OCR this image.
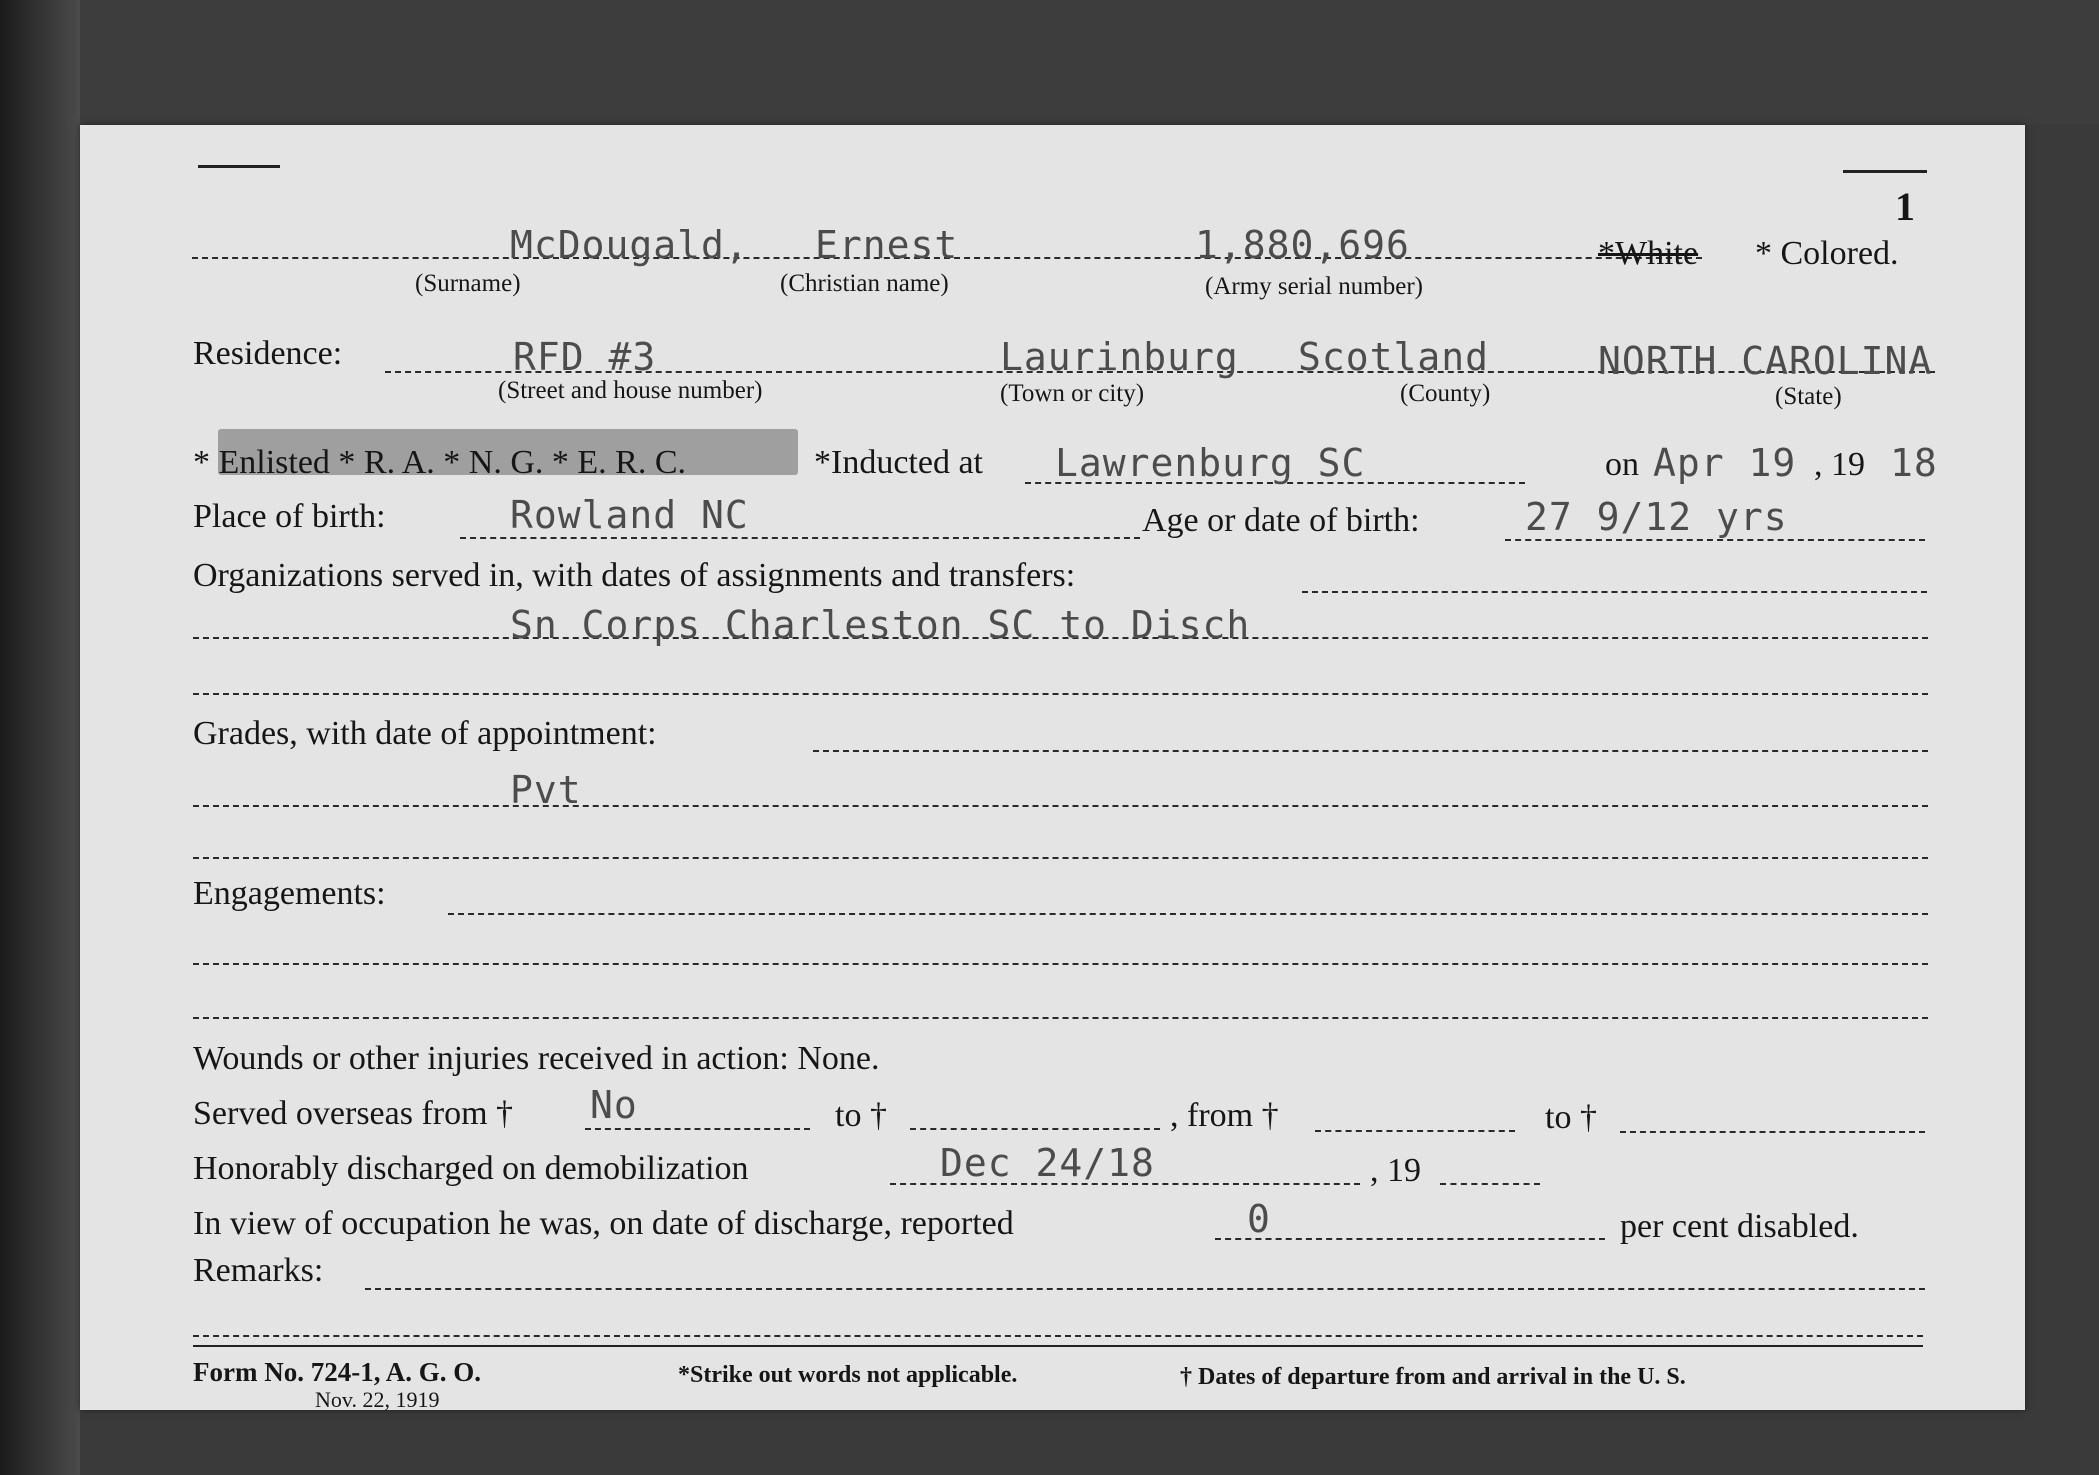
1
McDougald, Ernest	1,880,696	*White * Colored.
(Surname)	(Christian name)	(Army serial number)
Residence:	RFD #3	Laurinburg Scotland	NORTH CAROLINA
(Street and house number)	(Town or city)	(County)	(State)
* Enlisted * R. A. * N. G. * E. R. C.	*Inducted at Lawrenburg SC	on Apr 19 , 19 18
Place of birth:	Rowland NC	Age or date of birth:	27 9/12 yrs
Organizations served in, with dates of assignments and transfers:
Sn Corps Charleston SC to Disch
Grades, with date of appointment:
Pvt
Engagements:
Wounds or other injuries received in action: None.
Served overseas from † No	to †	, from †	to †
Honorably discharged on demobilization	Dec 24/18	, 19
In view of occupation he was, on date of discharge, reported	0	per cent disabled.
Remarks:
Form No. 724-1, A. G. O.
Nov. 22, 1919
*Strike out words not applicable.	† Dates of departure from and arrival in the U. S.
